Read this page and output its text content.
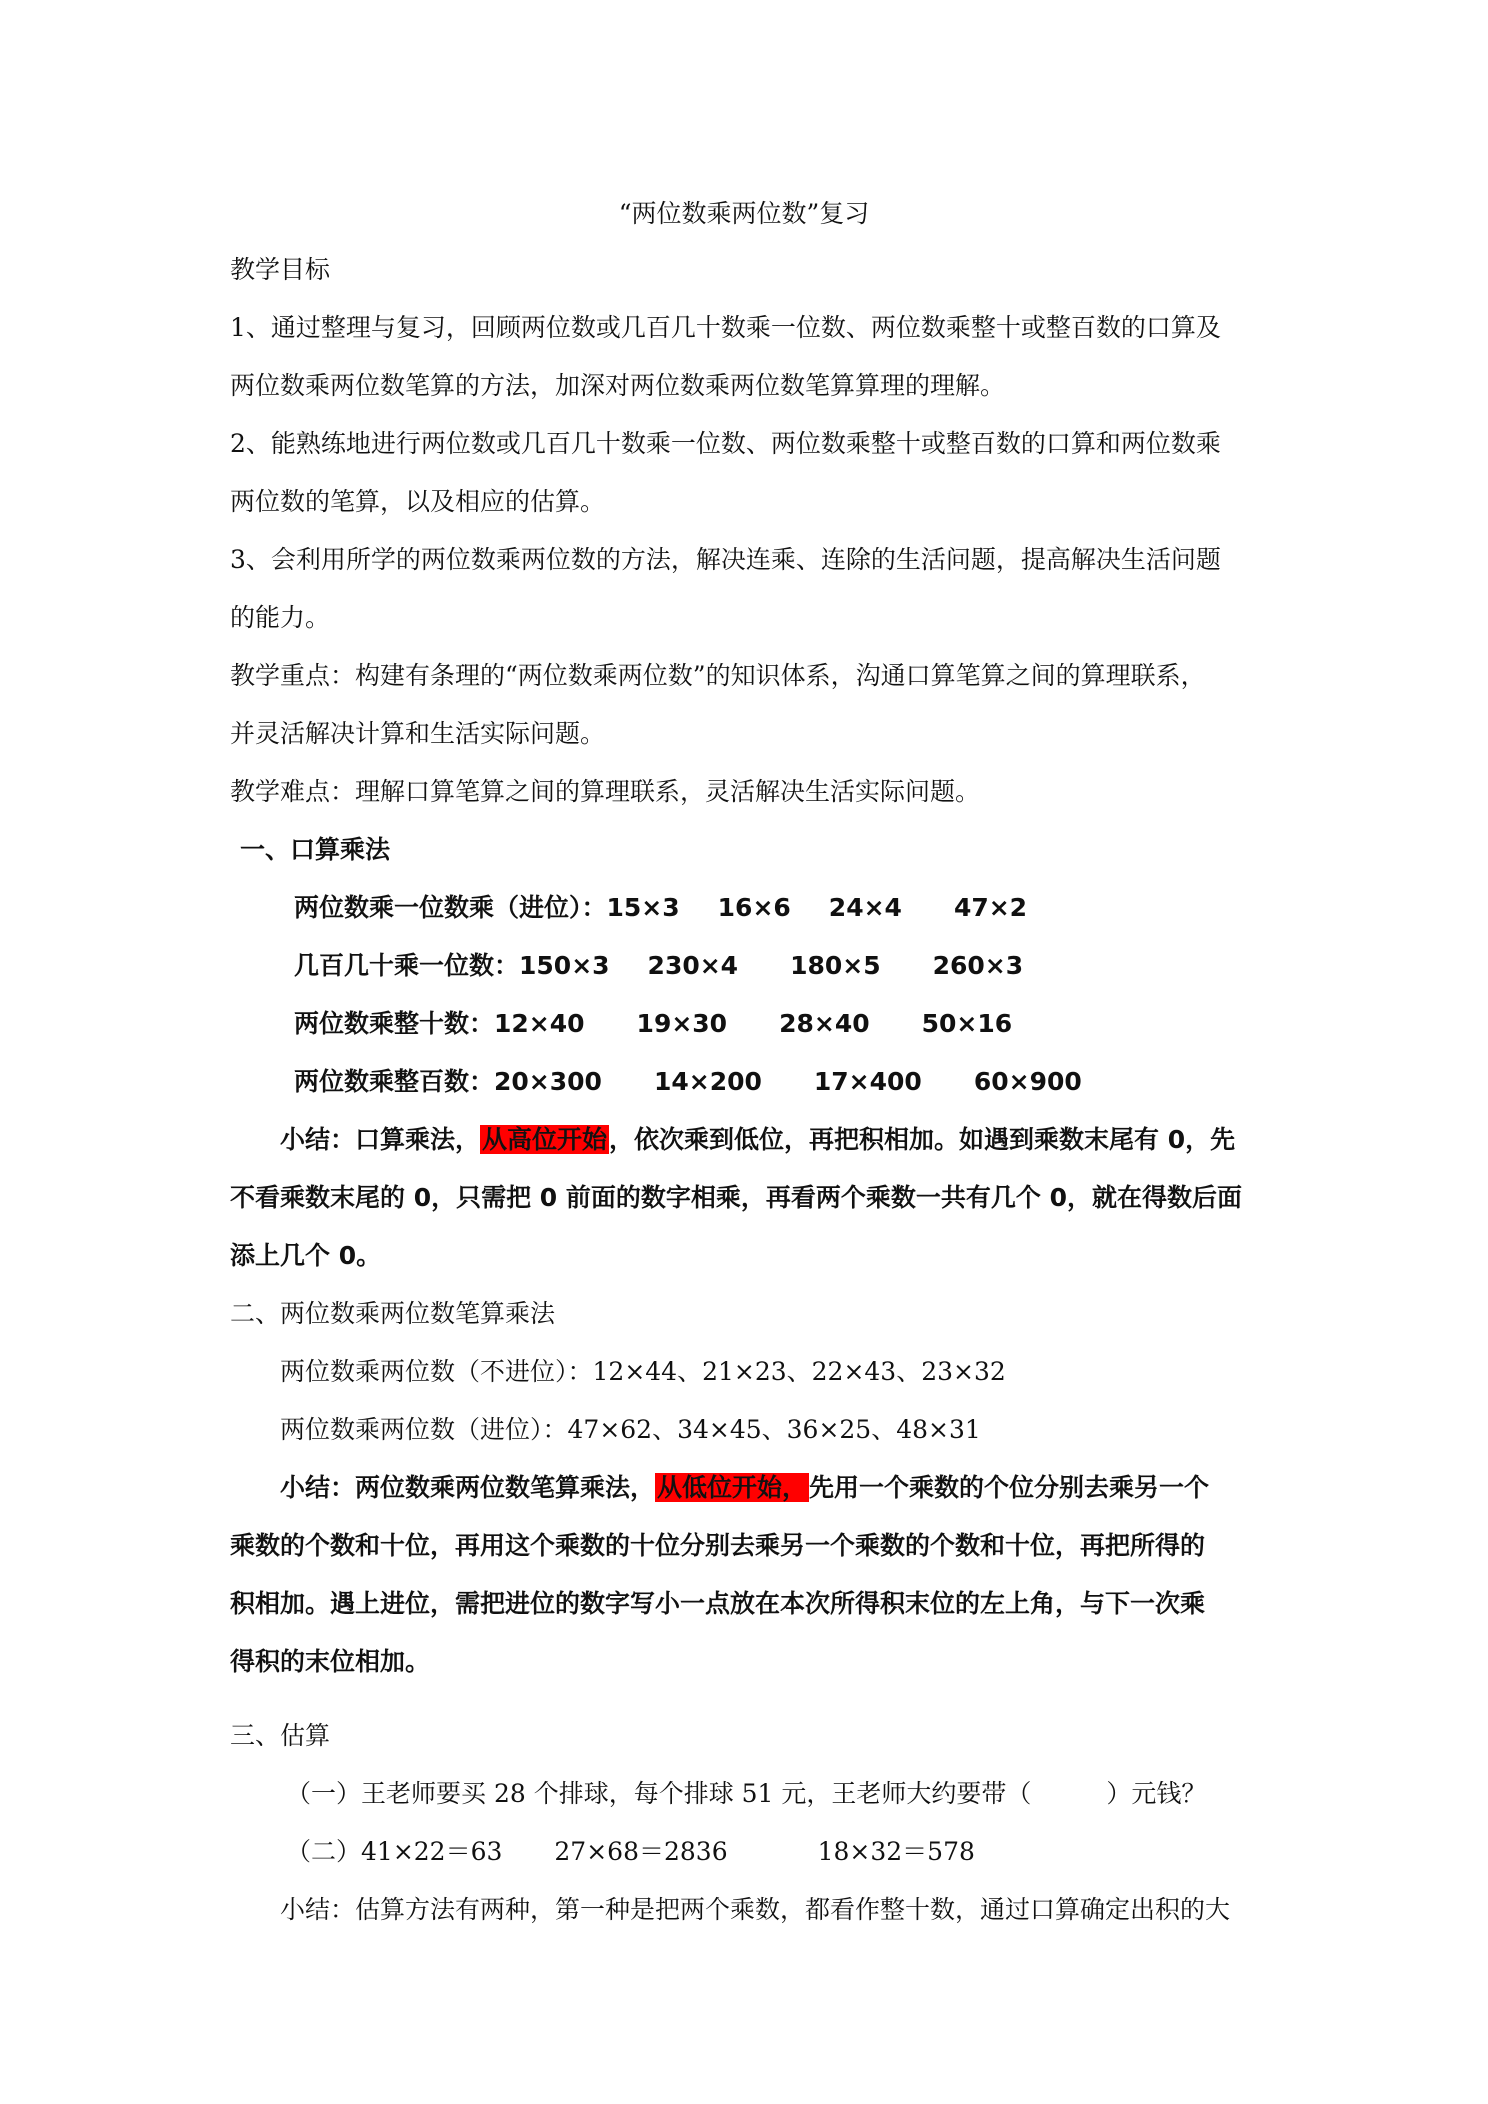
“两位数乘两位数”复习
教学目标
1、通过整理与复习，回顾两位数或几百几十数乘一位数、两位数乘整十或整百数的口算及
两位数乘两位数笔算的方法，加深对两位数乘两位数笔算算理的理解。
2、能熟练地进行两位数或几百几十数乘一位数、两位数乘整十或整百数的口算和两位数乘
两位数的笔算，以及相应的估算。
3、会利用所学的两位数乘两位数的方法，解决连乘、连除的生活问题，提高解决生活问题
的能力。
教学重点：构建有条理的“两位数乘两位数”的知识体系，沟通口算笔算之间的算理联系，
并灵活解决计算和生活实际问题。
教学难点：理解口算笔算之间的算理联系，灵活解决生活实际问题。
一、口算乘法
两位数乘一位数乘（进位）：15×3 16×6 24×4 47×2
几百几十乘一位数：150×3 230×4 180×5 260×3
两位数乘整十数：12×40 19×30 28×40 50×16
两位数乘整百数：20×300 14×200 17×400 60×900
小结：口算乘法，从高位开始，依次乘到低位，再把积相加。如遇到乘数末尾有 0，先
不看乘数末尾的 0，只需把 0 前面的数字相乘，再看两个乘数一共有几个 0，就在得数后面
添上几个 0。
二、两位数乘两位数笔算乘法
两位数乘两位数（不进位）：12×44、21×23、22×43、23×32
两位数乘两位数（进位）：47×62、34×45、36×25、48×31
小结：两位数乘两位数笔算乘法，从低位开始，先用一个乘数的个位分别去乘另一个
乘数的个数和十位，再用这个乘数的十位分别去乘另一个乘数的个数和十位，再把所得的
积相加。遇上进位，需把进位的数字写小一点放在本次所得积末位的左上角，与下一次乘
得积的末位相加。
三、估算
（一）王老师要买 28 个排球，每个排球 51 元，王老师大约要带（　　　）元钱？
（二）41×22＝63 27×68＝2836	18×32＝578
小结：估算方法有两种，第一种是把两个乘数，都看作整十数，通过口算确定出积的大
